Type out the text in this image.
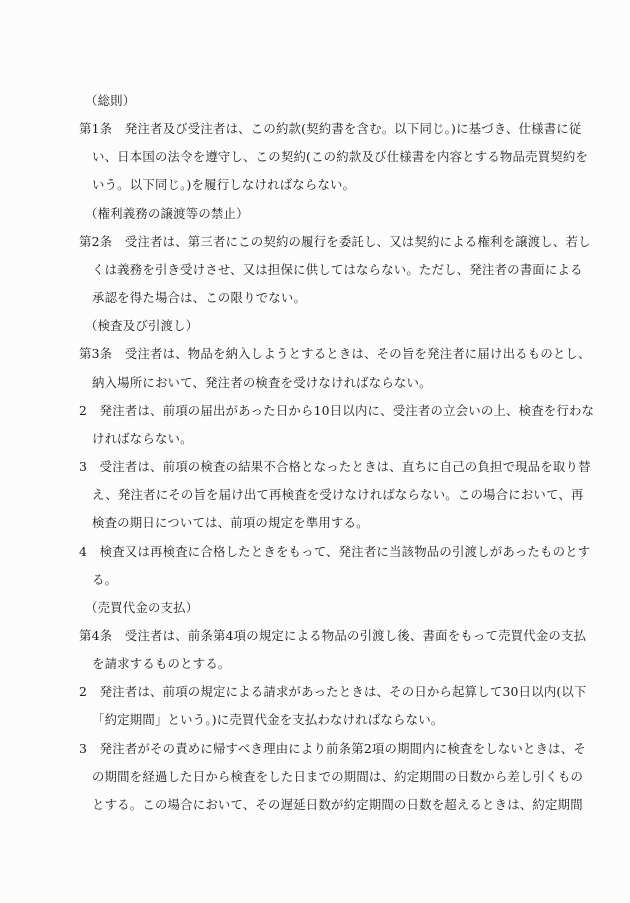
（総則）
第1条　発注者及び受注者は、この約款(契約書を含む。以下同じ。)に基づき、仕様書に従
い、日本国の法令を遵守し、この契約(この約款及び仕様書を内容とする物品売買契約を
いう。以下同じ。)を履行しなければならない。
（権利義務の譲渡等の禁止）
第2条　受注者は、第三者にこの契約の履行を委託し、又は契約による権利を譲渡し、若し
くは義務を引き受けさせ、又は担保に供してはならない。ただし、発注者の書面による
承認を得た場合は、この限りでない。
（検査及び引渡し）
第3条　受注者は、物品を納入しようとするときは、その旨を発注者に届け出るものとし、
納入場所において、発注者の検査を受けなければならない。
2　発注者は、前項の届出があった日から10日以内に、受注者の立会いの上、検査を行わな
ければならない。
3　受注者は、前項の検査の結果不合格となったときは、直ちに自己の負担で現品を取り替
え、発注者にその旨を届け出て再検査を受けなければならない。この場合において、再
検査の期日については、前項の規定を準用する。
4　検査又は再検査に合格したときをもって、発注者に当該物品の引渡しがあったものとす
る。
（売買代金の支払）
第4条　受注者は、前条第4項の規定による物品の引渡し後、書面をもって売買代金の支払
を請求するものとする。
2　発注者は、前項の規定による請求があったときは、その日から起算して30日以内(以下
「約定期間」という。)に売買代金を支払わなければならない。
3　発注者がその責めに帰すべき理由により前条第2項の期間内に検査をしないときは、そ
の期間を経過した日から検査をした日までの期間は、約定期間の日数から差し引くもの
とする。この場合において、その遅延日数が約定期間の日数を超えるときは、約定期間
